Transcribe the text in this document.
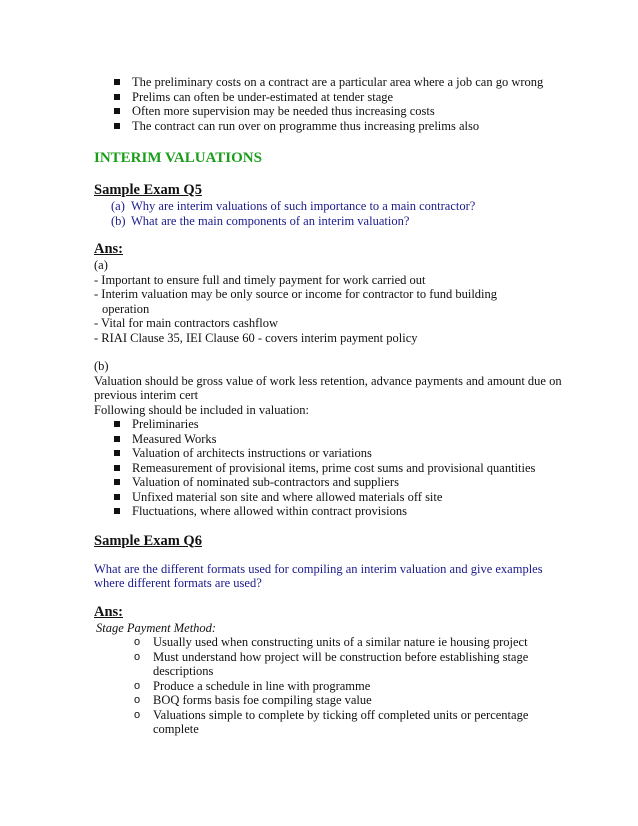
The preliminary costs on a contract are a particular area where a job can go wrong
Prelims can often be under-estimated at tender stage
Often more supervision may be needed thus increasing costs
The contract can run over on programme thus increasing prelims also
INTERIM VALUATIONS
Sample Exam Q5
(a) Why are interim valuations of such importance to a main contractor?
(b) What are the main components of an interim valuation?
Ans:

(a)

- Important to ensure full and timely payment for work carried out

- Interim valuation may be only source or income for contractor to fund building

operation

- Vital for main contractors cashflow

- RIAI Clause 35, IEI Clause 60 - covers interim payment policy

(b)

Valuation should be gross value of work less retention, advance payments and amount due on previous interim cert

Following should be included in valuation:

Preliminaries
Measured Works
Valuation of architects instructions or variations
Remeasurement of provisional items, prime cost sums and provisional quantities
Valuation of nominated sub-contractors and suppliers
Unfixed material son site and where allowed materials off site
Fluctuations, where allowed within contract provisions
Sample Exam Q6

What are the different formats used for compiling an interim valuation and give examples where different formats are used?

Ans:

Stage Payment Method:

o Usually used when constructing units of a similar nature ie housing project
o Must understand how project will be construction before establishing stage descriptions
o Produce a schedule in line with programme
o BOQ forms basis foe compiling stage value
o Valuations simple to complete by ticking off completed units or percentage complete
